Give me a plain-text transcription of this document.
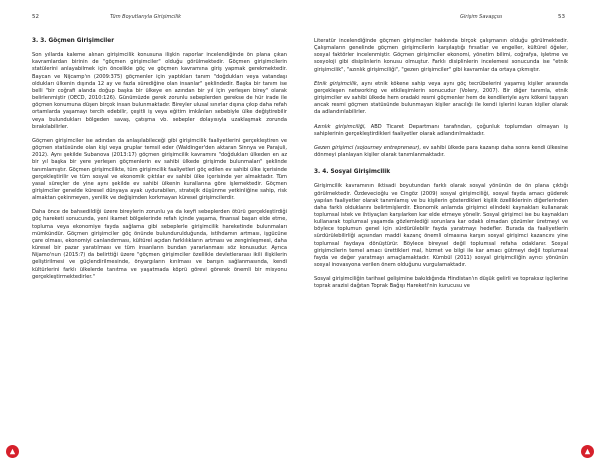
52	Tüm Boyutlarıyla Girişimcilik
3. 3. Göçmen Girişimciler
Son yıllarda kaleme alınan girişimcilik konusuna ilişkin raporlar incelendiğinde ön plana çıkan kavramlardan birinin de "göçmen girişimciler" olduğu görülmektedir. Göçmen girişimcilerin statülerini anlayabilmek için öncelikle göç ve göçmen kavramına giriş yapmak gerekmektedir. Baycan ve Nijcamp'ın (2009:375) göçmenler için yaptıkları tanım "doğdukları veya vatandaşı oldukları ülkenin dışında 12 ay ve fazla sürediğine olan insanlar" şeklindedir. Başka bir tanım ise belli "bir coğrafi alanda doğup başka bir ülkeye en azından bir yıl için yerleşen birey" olarak belirlenmiştir (OECD, 2010:126). Günümüzde gerek zorunlu sebeplerden gerekse de hür irade ile göçmen konumuna düşen birçok insan bulunmaktadır. Bireyler ulusal sınırlar dışına çıkıp daha refah ortamlarda yaşamayı tercih edebilir, çeşitli iş veya eğitim imkânları sebebiyle ülke değiştirebilir veya bulundukları bölgeden savaş, çatışma vb. sebepler dolayısıyla uzaklaşmak zorunda bırakılabilirler.
Göçmen girişimciler ise adından da anlaşılabileceği gibi girişimcilik faaliyetlerini gerçekleştiren ve göçmen statüsünde olan kişi veya gruplar temsil eder (Waldinger'den aktaran Sinnya ve Parajuli, 2012). Aynı şekilde Subanova (2013:17) göçmen girişimcilik kavramını "doğdukları ülkeden en az bir yıl başka bir yere yerleşen göçmenlerin ev sahibi ülkede girişimde bulunmaları" şeklinde tanımlamıştır. Göçmen girişimcilikte, tüm girişimcilik faaliyetleri göç edilen ev sahibi ülke içerisinde gerçekleştirilir ve tüm sosyal ve ekonomik çıktılar ev sahibi ülke içerisinde yer almaktadır. Tüm yasal süreçler de yine aynı şekilde ev sahibi ülkenin kurallarına göre işlemektedir. Göçmen girişimciler genelde küresel dünyaya ayak uydurabilen, stratejik düşünme yetkinliğine sahip, risk almaktan çekinmeyen, yenilik ve değişimden korkmayan küresel girişimcilerdir.
Daha önce de bahsedildiği üzere bireylerin zorunlu ya da keyfi sebeplerden ötürü gerçekleştirdiği göç hareketi sonucunda, yeni ikamet bölgelerinde refah içinde yaşama, finansal başarı elde etme, topluma veya ekonomiye fayda sağlama gibi sebeplerle girişimcilik hareketinde bulunmaları mümkündür. Göçmen girişimciler göç önünde bulundurulduğunda, istihdamın artması, işgücüne çare olması, ekonomiyi canlandırması, kültürel açıdan farklılıkların artması ve zenginleşmesi, daha küresel bir pazar yaratılması ve tüm insanların bundan yararlanması söz konusudur. Ayrıca Nijamo'nun (2015:7) da belirttiği üzere "göçmen girişimciler özellikle devletlerarası ikili ilişkilerin geliştirilmesi ve güçlendirilmesinde, önyargıların kırılması ve barışın sağlanmasında, kendi kültürlerini farklı ülkelerde tanıtma ve yaşatmada köprü görevi görerek önemli bir misyonu gerçekleştirmektedirler."
Girişim Savaşçısı	53
Literatür incelendiğinde göçmen girişimciler hakkında birçok çalışmanın olduğu görülmektedir. Çalışmaların genelinde göçmen girişimcilerin karşılaştığı fırsatlar ve engeller, kültürel öğeler, sosyal faktörler incelenmiştir. Göçmen girişimciler ekonomi, yönetim bilimi, coğrafya, işletme ve sosyoloji gibi disiplinlerin konusu olmuştur. Farklı disiplinlerin incelemesi sonucunda ise "etnik girişimcilik", "azınlık girişimciliği", "gezen girişimciler" gibi kavramlar da ortaya çıkmıştır.
Etnik girişimcilik, aynı etnik kökene sahip veya aynı göç tecrübelerini yaşamış kişiler arasında gerçekleşen networking ve etkileşimlerin sonucudur (Volery, 2007). Bir diğer tanımla, etnik girişimciler ev sahibi ülkede hem oradaki resmi göçmenler hem de kendileriyle aynı kökeni taşıyan ancak resmi göçmen statüsünde bulunmayan kişiler aracılığı ile kendi işlerini kuran kişiler olarak da adlandırılabilirler.
Azınlık girişimciliği, ABD Ticaret Departmanı tarafından, çoğunluk toplumdan olmayan iş sahiplerinin gerçekleştirdikleri faaliyetler olarak adlandırılmaktadır.
Gezen girişimci (sojourney entrepreneur), ev sahibi ülkede para kazanıp daha sonra kendi ülkesine dönmeyi planlayan kişiler olarak tanımlanmaktadır.
3. 4. Sosyal Girişimcilik
Girişimcilik kavramının iktisadi boyutundan farklı olarak sosyal yönünün de ön plana çıktığı görülmektedir. Özdevecioğlu ve Cingöz (2009) sosyal girişimciliği, sosyal fayda amacı güderek yapılan faaliyetler olarak tanımlamış ve bu kişilerin gösterdikleri kişilik özelliklerinin diğerlerinden daha farklı olduklarını belirtmişlerdir. Ekonomik anlamda girişimci elindeki kaynakları kullanarak toplumsal istek ve ihtiyaçları karşılarken kar elde etmeye yönelir. Sosyal girişimci ise bu kaynakları kullanarak toplumsal yaşamda gözlemlediği sorunlara kar odaklı olmadan çözümler üretmeyi ve böylece toplumun genel için sürdürülebilir fayda yaratmayı hedefler. Burada da faaliyetlerin sürdürülebilirliği açısından maddi kazanç önemli olmasına karşın sosyal girişimci kazancını yine toplumsal faydaya dönüştürür. Böylece bireysel değil toplumsal refaha odaklanır. Sosyal girişimcilerin temel amacı ürettikleri mal, hizmet ve bilgi ile kar amacı gütmeyi değil toplumsal fayda ve değer yaratmayı amaçlamaktadır. Kümbül (2011) sosyal girişimciliğin ayrıcı yönünün sosyal inovasyona verilen önem olduğunu vurgulamaktadır.
Sosyal girişimciliğin tarihsel gelişimine bakıldığında Hindistan'ın düşük gelirli ve topraksız işçilerine toprak arazisi dağıtan Toprak Bağışı Hareketi'nin kurucusu ve
